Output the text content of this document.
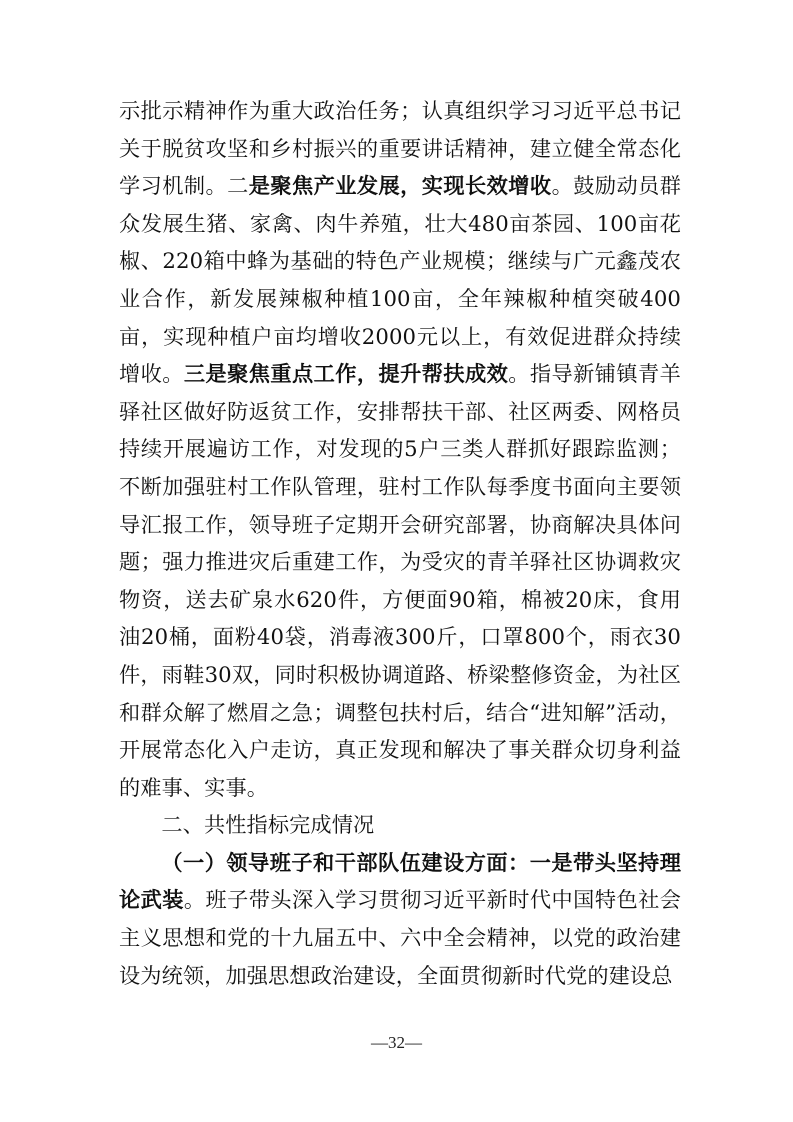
示批示精神作为重大政治任务；认真组织学习习近平总书记关于脱贫攻坚和乡村振兴的重要讲话精神，建立健全常态化学习机制。二是聚焦产业发展，实现长效增收。鼓励动员群众发展生猪、家禽、肉牛养殖，壮大480亩茶园、100亩花椒、220箱中蜂为基础的特色产业规模；继续与广元鑫茂农业合作，新发展辣椒种植100亩，全年辣椒种植突破400亩，实现种植户亩均增收2000元以上，有效促进群众持续增收。三是聚焦重点工作，提升帮扶成效。指导新铺镇青羊驿社区做好防返贫工作，安排帮扶干部、社区两委、网格员持续开展遍访工作，对发现的5户三类人群抓好跟踪监测；不断加强驻村工作队管理，驻村工作队每季度书面向主要领导汇报工作，领导班子定期开会研究部署，协商解决具体问题；强力推进灾后重建工作，为受灾的青羊驿社区协调救灾物资，送去矿泉水620件，方便面90箱，棉被20床，食用油20桶，面粉40袋，消毒液300斤，口罩800个，雨衣30件，雨鞋30双，同时积极协调道路、桥梁整修资金，为社区和群众解了燃眉之急；调整包扶村后，结合“进知解”活动，开展常态化入户走访，真正发现和解决了事关群众切身利益的难事、实事。

二、共性指标完成情况

（一）领导班子和干部队伍建设方面：一是带头坚持理论武装。班子带头深入学习贯彻习近平新时代中国特色社会主义思想和党的十九届五中、六中全会精神，以党的政治建设为统领，加强思想政治建设，全面贯彻新时代党的建设总

—32—
